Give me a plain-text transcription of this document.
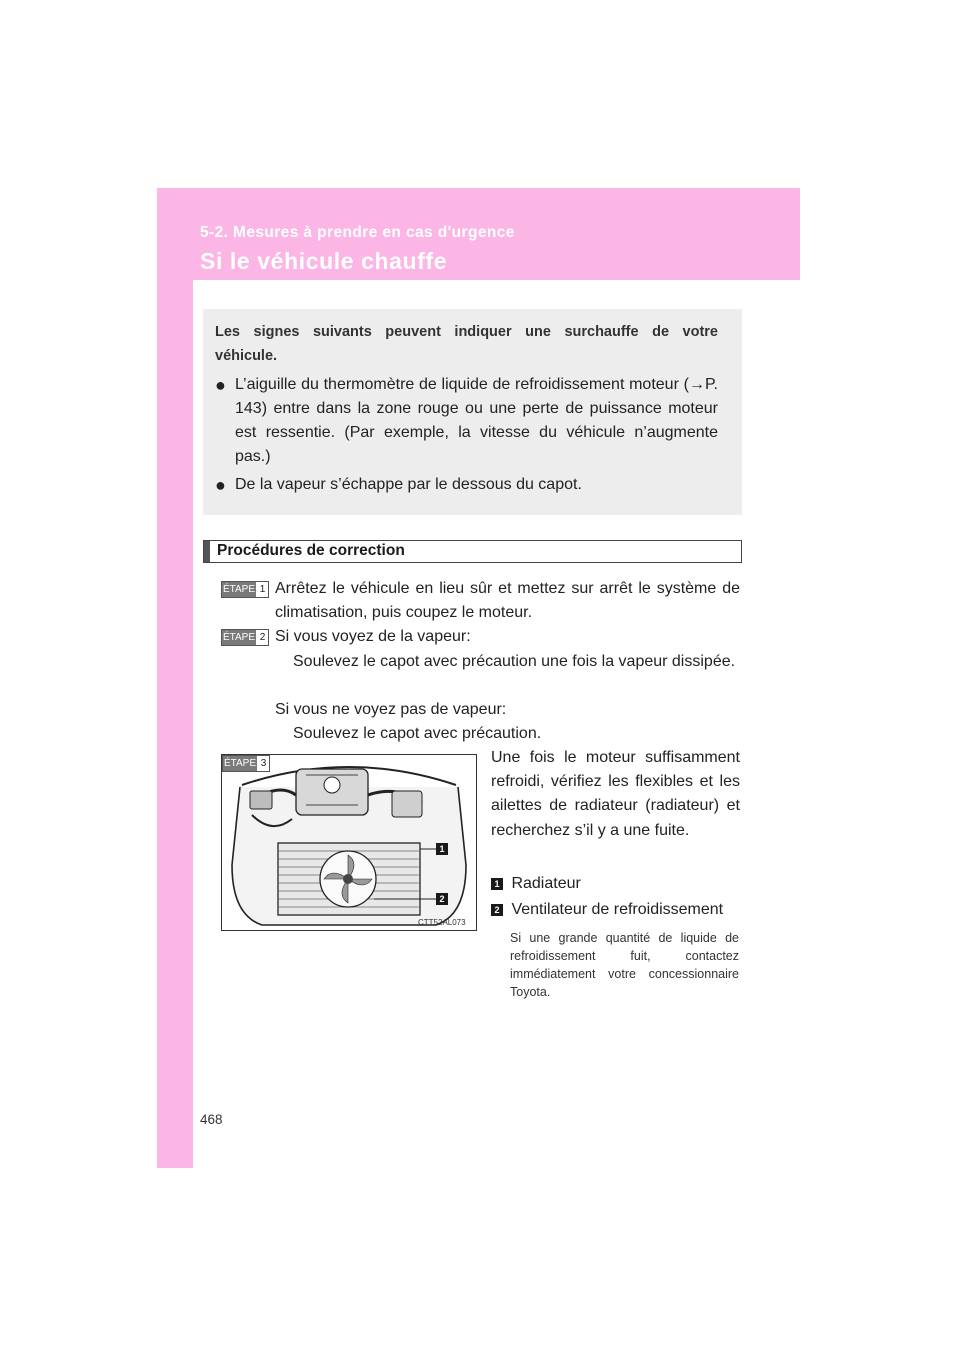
5-2. Mesures à prendre en cas d'urgence
Si le véhicule chauffe
Les signes suivants peuvent indiquer une surchauffe de votre
véhicule.
● L’aiguille du thermomètre de liquide de refroidissement moteur (→P. 143) entre dans la zone rouge ou une perte de puissance moteur est ressentie. (Par exemple, la vitesse du véhicule n’augmente pas.)
● De la vapeur s’échappe par le dessous du capot.
Procédures de correction
ÉTAPE 1 Arrêtez le véhicule en lieu sûr et mettez sur arrêt le système de climatisation, puis coupez le moteur.
ÉTAPE 2 Si vous voyez de la vapeur:
Soulevez le capot avec précaution une fois la vapeur dissipée.
Si vous ne voyez pas de vapeur:
Soulevez le capot avec précaution.
ÉTAPE 3
1
2
CTT52AL073
Une fois le moteur suffisamment refroidi, vérifiez les flexibles et les ailettes de radiateur (radiateur) et recherchez s’il y a une fuite.
1 Radiateur
2 Ventilateur de refroidissement
Si une grande quantité de liquide de refroidissement fuit, contactez immédiatement votre concessionnaire Toyota.
468
